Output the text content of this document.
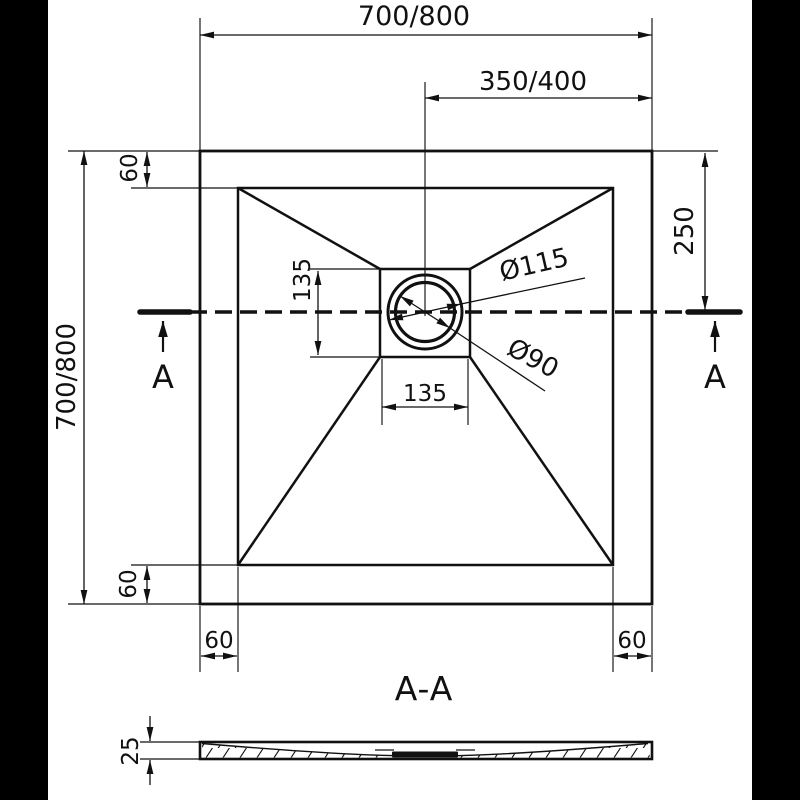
700/800
350/400
700/800
60
60
250
60	60
135
135
Ø115
Ø90
A	A
A-A
25
